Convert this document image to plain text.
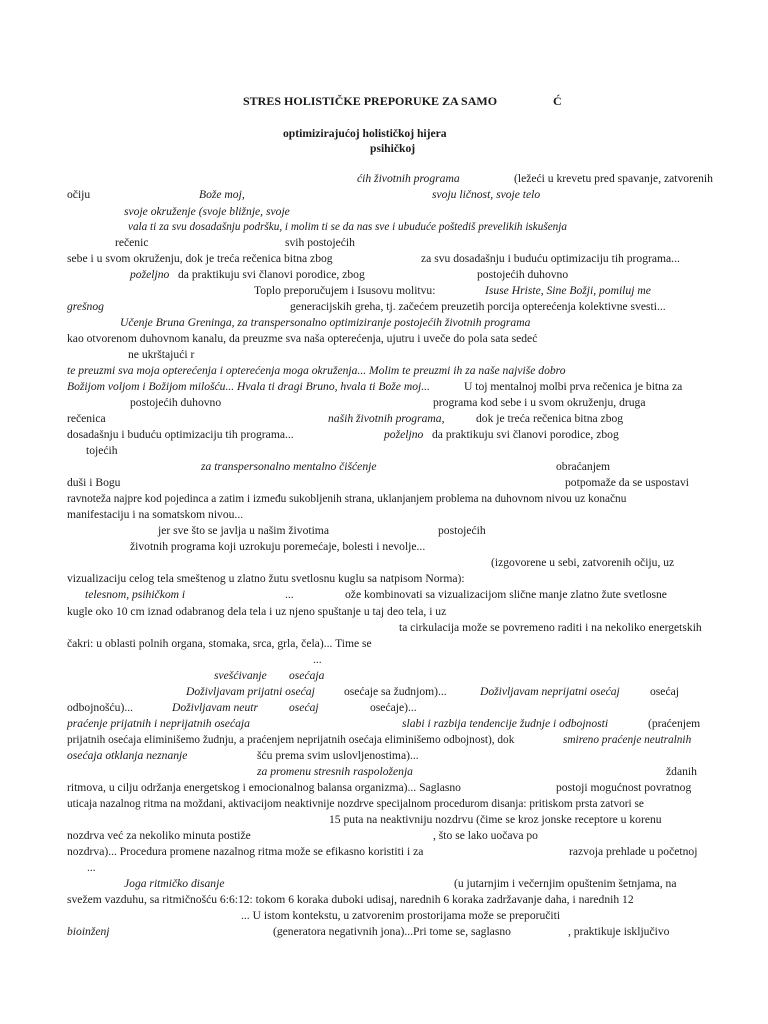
STRES HOLISTIČKE PREPORUKE ZA SAMO	Ć
optimizirajućoj holističkoj hijera
psihičkoj
ćih životnih programa	(ležeći u krevetu pred spavanje, zatvorenih
očiju	Bože moj,	svoju ličnost, svoje telo
svoje okruženje (svoje bližnje, svoje
vala ti za svu dosadašnju podršku, i molim ti se da nas sve i ubuduće poštediš prevelikih iskušenja
rečenic	svih postojećih
sebe i u svom okruženju, dok je treća rečenica bitna zbog	za svu dosadašnju i buduću optimizaciju tih programa...
poželjno da praktikuju svi članovi porodice, zbog	postojećih duhovno
Toplo preporučujem i Isusovu molitvu:	Isuse Hriste, Sine Božji, pomiluj me
grešnog	generacijskih greha, tj. začećem preuzetih porcija opterećenja kolektivne svesti...
Učenje Bruna Greninga, za transpersonalno optimiziranje postojećih životnih programa
kao otvorenom duhovnom kanalu, da preuzme sva naša opterećenja, ujutru i uveče do pola sata sedeć
ne ukrštajući r
te preuzmi sva moja opterećenja i opterećenja moga okruženja... Molim te preuzmi ih za naše najviše dobro
Božijom voljom i Božijom milošću... Hvala ti dragi Bruno, hvala ti Bože moj...	U toj mentalnoj molbi prva rečenica je bitna za
postojećih duhovno	programa kod sebe i u svom okruženju, druga
rečenica	naših životnih programa,	dok je treća rečenica bitna zbog
dosadašnju i buduću optimizaciju tih programa...	poželjno da praktikuju svi članovi porodice, zbog
tojećih
za transpersonalno mentalno čišćenje	obraćanjem
duši i Bogu	potpomaže da se uspostavi
ravnoteža najpre kod pojedinca a zatim i između sukobljenih strana, uklanjanjem problema na duhovnom nivou uz konačnu
manifestaciju i na somatskom nivou...
jer sve što se javlja u našim životima	postojećih
životnih programa koji uzrokuju poremećaje, bolesti i nevolje...
(izgovorene u sebi, zatvorenih očiju, uz
vizualizaciju celog tela smeštenog u zlatno žutu svetlosnu kuglu sa natpisom Norma):
telesnom, psihičkom i	...	ože kombinovati sa vizualizacijom slične manje zlatno žute svetlosne
kugle oko 10 cm iznad odabranog dela tela i uz njeno spuštanje u taj deo tela, i uz
ta cirkulacija može se povremeno raditi i na nekoliko energetskih
čakri: u oblasti polnih organa, stomaka, srca, grla, čela)... Time se
...
svešćivanje osećaja
Doživljavam prijatni osećaj	osećaje sa žudnjom)...	Doživljavam neprijatni osećaj	osećaj
odbojnošću)...	Doživljavam neutr	osećaj	osećaje)...
praćenje prijatnih i neprijatnih osećaja	slabi i razbija tendencije žudnje i odbojnosti	(praćenjem
prijatnih osećaja eliminišemo žudnju, a praćenjem neprijatnih osećaja eliminišemo odbojnost), dok	smireno praćenje neutralnih
osećaja otklanja neznanje	šću prema svim uslovljenostima)...
za promenu stresnih raspoloženja	ždanih
ritmova, u cilju održanja energetskog i emocionalnog balansa organizma)... Saglasno	postoji mogućnost povratnog
uticaja nazalnog ritma na moždani, aktivacijom neaktivnije nozdrve specijalnom procedurom disanja: pritiskom prsta zatvori se
15 puta na neaktivniju nozdrvu (čime se kroz jonske receptore u korenu
nozdrva već za nekoliko minuta postiže	, što se lako uočava po
nozdrva)... Procedura promene nazalnog ritma može se efikasno koristiti i za	razvoja prehlade u početnoj
...
Joga ritmičko disanje	(u jutarnjim i večernjim opuštenim šetnjama, na
svežem vazduhu, sa ritmičnošću 6:6:12: tokom 6 koraka duboki udisaj, narednih 6 koraka zadržavanje daha, i narednih 12
... U istom kontekstu, u zatvorenim prostorijama može se preporučiti
bioinženj	(generatora negativnih jona)...Pri tome se, saglasno	, praktikuje isključivo
